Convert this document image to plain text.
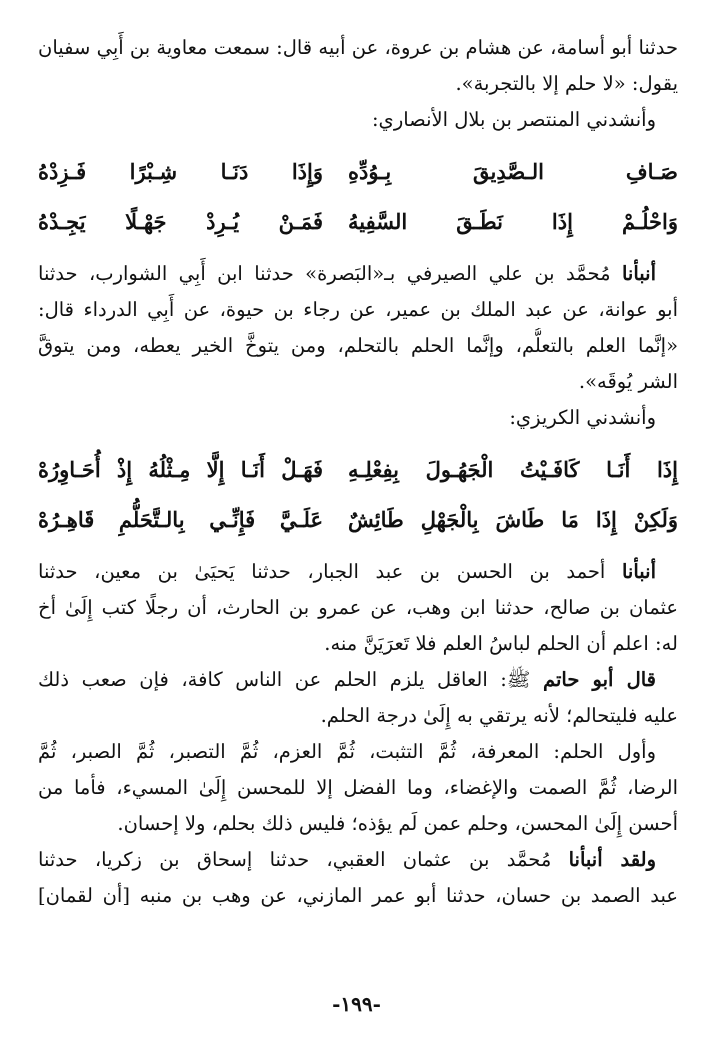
حدثنا أبو أسامة، عن هشام بن عروة، عن أبيه قال: سمعت معاوية بن أَبِي سفيان
يقول: «لا حلم إلا بالتجربة».
وأنشدني المنتصر بن بلال الأنصاري:
صَـافِ الـصَّدِيقَ بِـوُدِّهِ
وَإِذَا دَنَـا شِـبْرًا فَـزِدْهُ
وَاحْلُـمْ إِذَا نَطَـقَ السَّفِيهُ
فَمَـنْ يُـرِدْ جَهْـلًا يَجِـدْهُ
أنبأنا مُحمَّد بن علي الصيرفي بـ«البَصرة» حدثنا ابن أَبِي الشوارب، حدثنا
أبو عوانة، عن عبد الملك بن عمير، عن رجاء بن حيوة، عن أَبِي الدرداء قال:
«إنَّما العلم بالتعلُّم، وإنَّما الحلم بالتحلم، ومن يتوخَّ الخير يعطه، ومن يتوقَّ
الشر يُوقَه».
وأنشدني الكريزي:
إِذَا أَنَـا كَافَـيْتُ الْجَهُـولَ بِفِعْلِـهِ
فَهَـلْ أَنَـا إِلَّا مِـثْلُهُ إِذْ أُحَـاوِرُهْ
وَلَكِنْ إِذَا مَا طَاشَ بِالْجَهْلِ طَائِشٌ
عَلَـيَّ فَإِنِّـي بِالـتَّحَلُّمِ قَاهِـرُهْ
أنبأنا أحمد بن الحسن بن عبد الجبار، حدثنا يَحيَىٰ بن معين، حدثنا
عثمان بن صالح، حدثنا ابن وهب، عن عمرو بن الحارث، أن رجلًا كتب إِلَىٰ أخ
له: اعلم أن الحلم لباسُ العلم فلا تَعرَيَنَّ منه.
قال أبو حاتم ﷺ: العاقل يلزم الحلم عن الناس كافة، فإن صعب ذلك
عليه فليتحالم؛ لأنه يرتقي به إِلَىٰ درجة الحلم.
وأول الحلم: المعرفة، ثُمَّ التثبت، ثُمَّ العزم، ثُمَّ التصبر، ثُمَّ الصبر، ثُمَّ
الرضا، ثُمَّ الصمت والإغضاء، وما الفضل إلا للمحسن إِلَىٰ المسيء، فأما من
أحسن إِلَىٰ المحسن، وحلم عمن لَم يؤذه؛ فليس ذلك بحلم، ولا إحسان.
ولقد أنبأنا مُحمَّد بن عثمان العقبي، حدثنا إسحاق بن زكريا، حدثنا
عبد الصمد بن حسان، حدثنا أبو عمر المازني، عن وهب بن منبه [أن لقمان]
-١٩٩-
